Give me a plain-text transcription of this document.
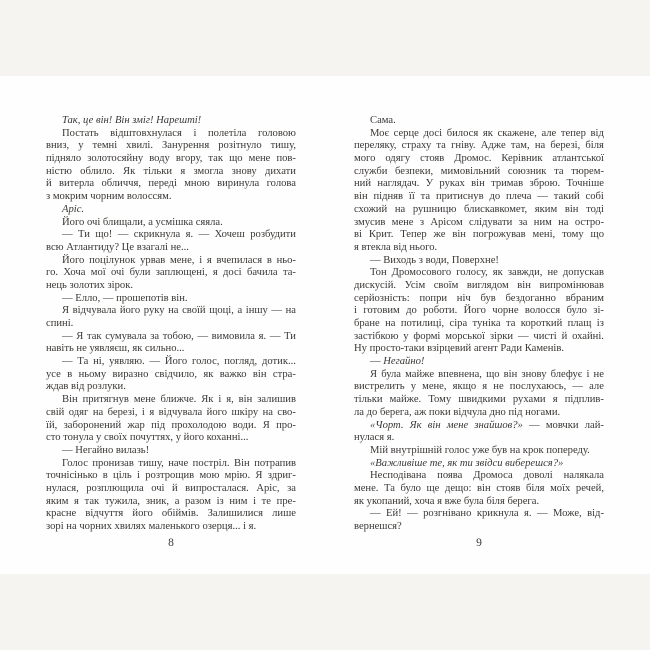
Так, це він! Він зміг! Нарешті!
Постать відштовхнулася і полетіла головою
вниз, у темні хвилі. Занурення розітнуло тишу,
підняло золотосяйну воду вгору, так що мене пов-
ністю облило. Як тільки я змогла знову дихати
й витерла обличчя, переді мною виринула голова
з мокрим чорним волоссям.
Аріс.
Його очі блищали, а усмішка сяяла.
— Ти що! — скрикнула я. — Хочеш розбудити
всю Атлантиду? Це взагалі не...
Його поцілунок урвав мене, і я вчепилася в ньо-
го. Хоча мої очі були заплющені, я досі бачила та-
нець золотих зірок.
— Елло, — прошепотів він.
Я відчувала його руку на своїй щоці, а іншу — на
спині.
— Я так сумувала за тобою, — вимовила я. — Ти
навіть не уявляєш, як сильно...
— Та ні, уявляю. — Його голос, погляд, дотик...
усе в ньому виразно свідчило, як важко він стра-
ждав від розлуки.
Він притягнув мене ближче. Як і я, він залишив
свій одяг на березі, і я відчувала його шкіру на сво-
їй, заборонений жар під прохолодою води. Я про-
сто тонула у своїх почуттях, у його коханні...
— Негайно вилазь!
Голос пронизав тишу, наче постріл. Він потрапив
точнісінько в ціль і розтрощив мою мрію. Я здриг-
нулася, розплющила очі й випросталася. Аріс, за
яким я так тужила, зник, а разом із ним і те пре-
красне відчуття його обіймів. Залишилися лише
зорі на чорних хвилях маленького озерця... і я.
8
Сама.
Моє серце досі билося як скажене, але тепер від
переляку, страху та гніву. Адже там, на березі, біля
мого одягу стояв Дромос. Керівник атлантської
служби безпеки, мимовільний союзник та тюрем-
ний наглядач. У руках він тримав зброю. Точніше
він підняв її та притиснув до плеча — такий собі
схожий на рушницю блискавкомет, яким він тоді
змусив мене з Арісом слідувати за ним на остро-
ві Крит. Тепер же він погрожував мені, тому що
я втекла від нього.
— Виходь з води, Поверхне!
Тон Дромосового голосу, як завжди, не допускав
дискусій. Усім своїм виглядом він випромінював
серйозність: попри ніч був бездоганно вбраним
і готовим до роботи. Його чорне волосся було зі-
бране на потилиці, сіра туніка та короткий плащ із
застібкою у формі морської зірки — чисті й охайні.
Ну просто-таки взірцевий агент Ради Каменів.
— Негайно!
Я була майже впевнена, що він знову блефує і не
вистрелить у мене, якщо я не послухаюсь, — але
тільки майже. Тому швидкими рухами я підплив-
ла до берега, аж поки відчула дно під ногами.
«Чорт. Як він мене знайшов?» — мовчки лай-
нулася я.
Мій внутрішній голос уже був на крок попереду.
«Важливіше те, як ти звідси виберешся?»
Несподівана поява Дромоса доволі налякала
мене. Та було ще дещо: він стояв біля моїх речей,
як укопаний, хоча я вже була біля берега.
— Ей! — розгнівано крикнула я. — Може, від-
вернешся?
9
